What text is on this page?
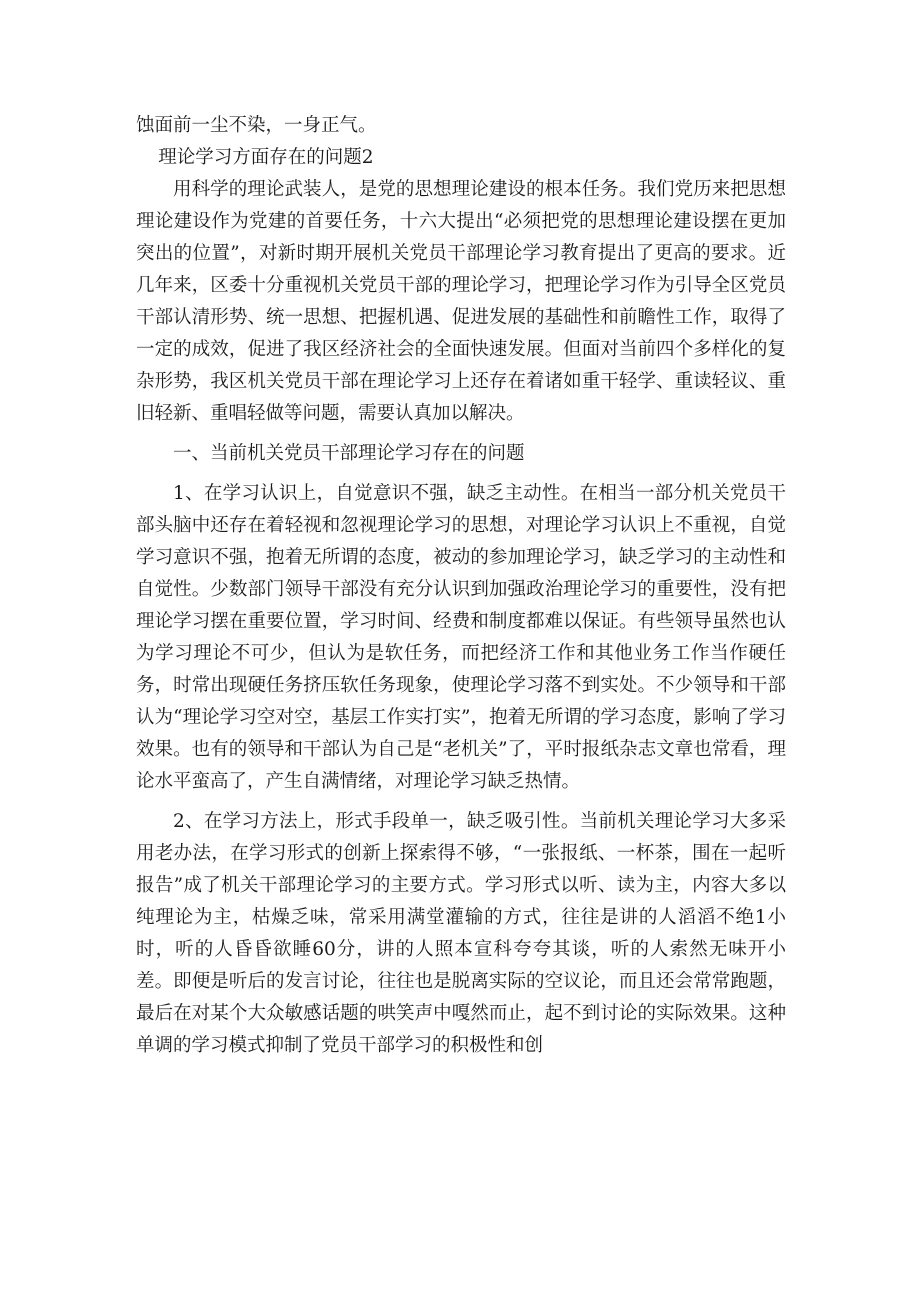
蚀面前一尘不染，一身正气。

理论学习方面存在的问题2

用科学的理论武装人，是党的思想理论建设的根本任务。我们党历来把思想理论建设作为党建的首要任务，十六大提出“必须把党的思想理论建设摆在更加突出的位置”，对新时期开展机关党员干部理论学习教育提出了更高的要求。近几年来，区委十分重视机关党员干部的理论学习，把理论学习作为引导全区党员干部认清形势、统一思想、把握机遇、促进发展的基础性和前瞻性工作，取得了一定的成效，促进了我区经济社会的全面快速发展。但面对当前四个多样化的复杂形势，我区机关党员干部在理论学习上还存在着诸如重干轻学、重读轻议、重旧轻新、重唱轻做等问题，需要认真加以解决。

一、当前机关党员干部理论学习存在的问题

1、在学习认识上，自觉意识不强，缺乏主动性。在相当一部分机关党员干部头脑中还存在着轻视和忽视理论学习的思想，对理论学习认识上不重视，自觉学习意识不强，抱着无所谓的态度，被动的参加理论学习，缺乏学习的主动性和自觉性。少数部门领导干部没有充分认识到加强政治理论学习的重要性，没有把理论学习摆在重要位置，学习时间、经费和制度都难以保证。有些领导虽然也认为学习理论不可少，但认为是软任务，而把经济工作和其他业务工作当作硬任务，时常出现硬任务挤压软任务现象，使理论学习落不到实处。不少领导和干部认为“理论学习空对空，基层工作实打实”，抱着无所谓的学习态度，影响了学习效果。也有的领导和干部认为自己是“老机关”了，平时报纸杂志文章也常看，理论水平蛮高了，产生自满情绪，对理论学习缺乏热情。

2、在学习方法上，形式手段单一，缺乏吸引性。当前机关理论学习大多采用老办法，在学习形式的创新上探索得不够，“一张报纸、一杯茶，围在一起听报告”成了机关干部理论学习的主要方式。学习形式以听、读为主，内容大多以纯理论为主，枯燥乏味，常采用满堂灌输的方式，往往是讲的人滔滔不绝1小时，听的人昏昏欲睡60分，讲的人照本宣科夸夸其谈，听的人索然无味开小差。即便是听后的发言讨论，往往也是脱离实际的空议论，而且还会常常跑题，最后在对某个大众敏感话题的哄笑声中嘎然而止，起不到讨论的实际效果。这种单调的学习模式抑制了党员干部学习的积极性和创
